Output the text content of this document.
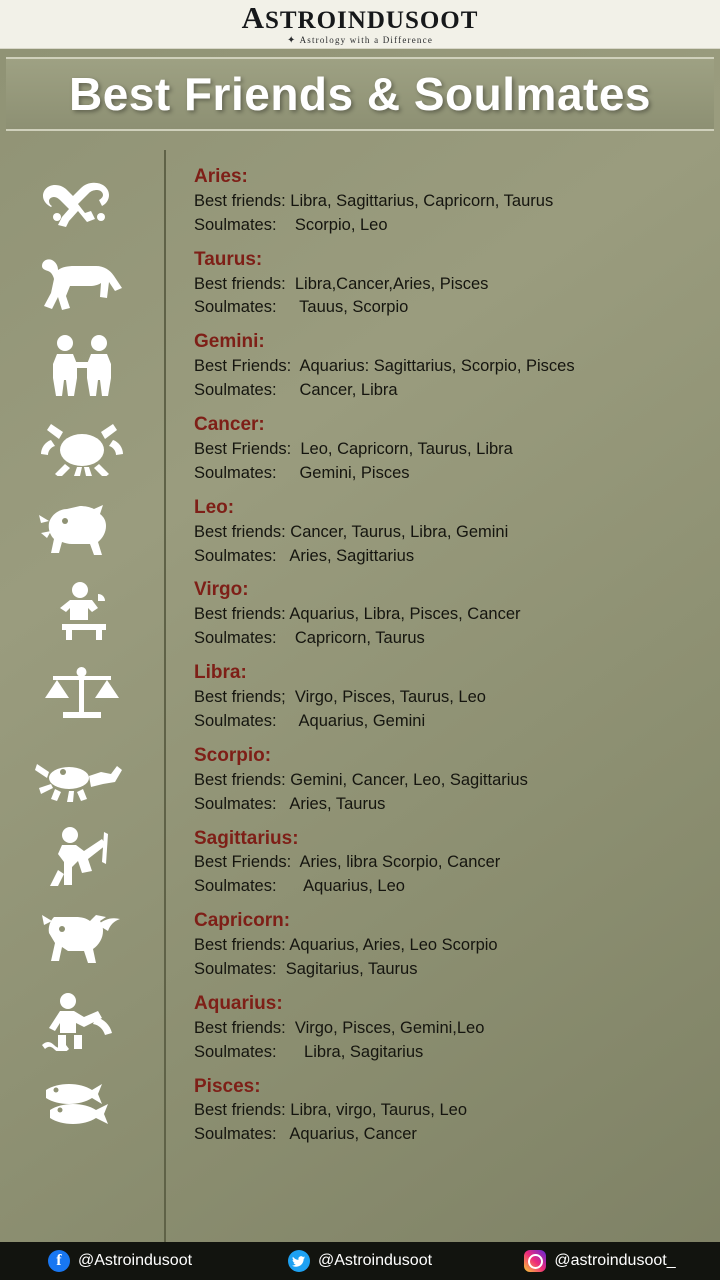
ASTROINDUSOOT
✦ Astrology with a Difference
Best Friends & Soulmates

Aries:

Best friends: Libra, Sagittarius, Capricorn, Taurus

Soulmates:    Scorpio, Leo

Taurus:

Best friends:  Libra,Cancer,Aries, Pisces

Soulmates:     Tauus, Scorpio

Gemini:

Best Friends:  Aquarius: Sagittarius, Scorpio, Pisces

Soulmates:     Cancer, Libra

Cancer:

Best Friends:  Leo, Capricorn, Taurus, Libra

Soulmates:     Gemini, Pisces

Leo:

Best friends: Cancer, Taurus, Libra, Gemini

Soulmates:   Aries, Sagittarius

Virgo:

Best friends: Aquarius, Libra, Pisces, Cancer

Soulmates:    Capricorn, Taurus

Libra:

Best friends;  Virgo, Pisces, Taurus, Leo

Soulmates:     Aquarius, Gemini

Scorpio:

Best friends: Gemini, Cancer, Leo, Sagittarius

Soulmates:   Aries, Taurus

Sagittarius:

Best Friends:  Aries, libra Scorpio, Cancer

Soulmates:      Aquarius, Leo

Capricorn:

Best friends: Aquarius, Aries, Leo Scorpio

Soulmates:  Sagitarius, Taurus

Aquarius:

Best friends:  Virgo, Pisces, Gemini,Leo

Soulmates:      Libra, Sagitarius

Pisces:

Best friends: Libra, virgo, Taurus, Leo

Soulmates:   Aquarius, Cancer

f	@Astroindusoot	@Astroindusoot	@astroindusoot_
